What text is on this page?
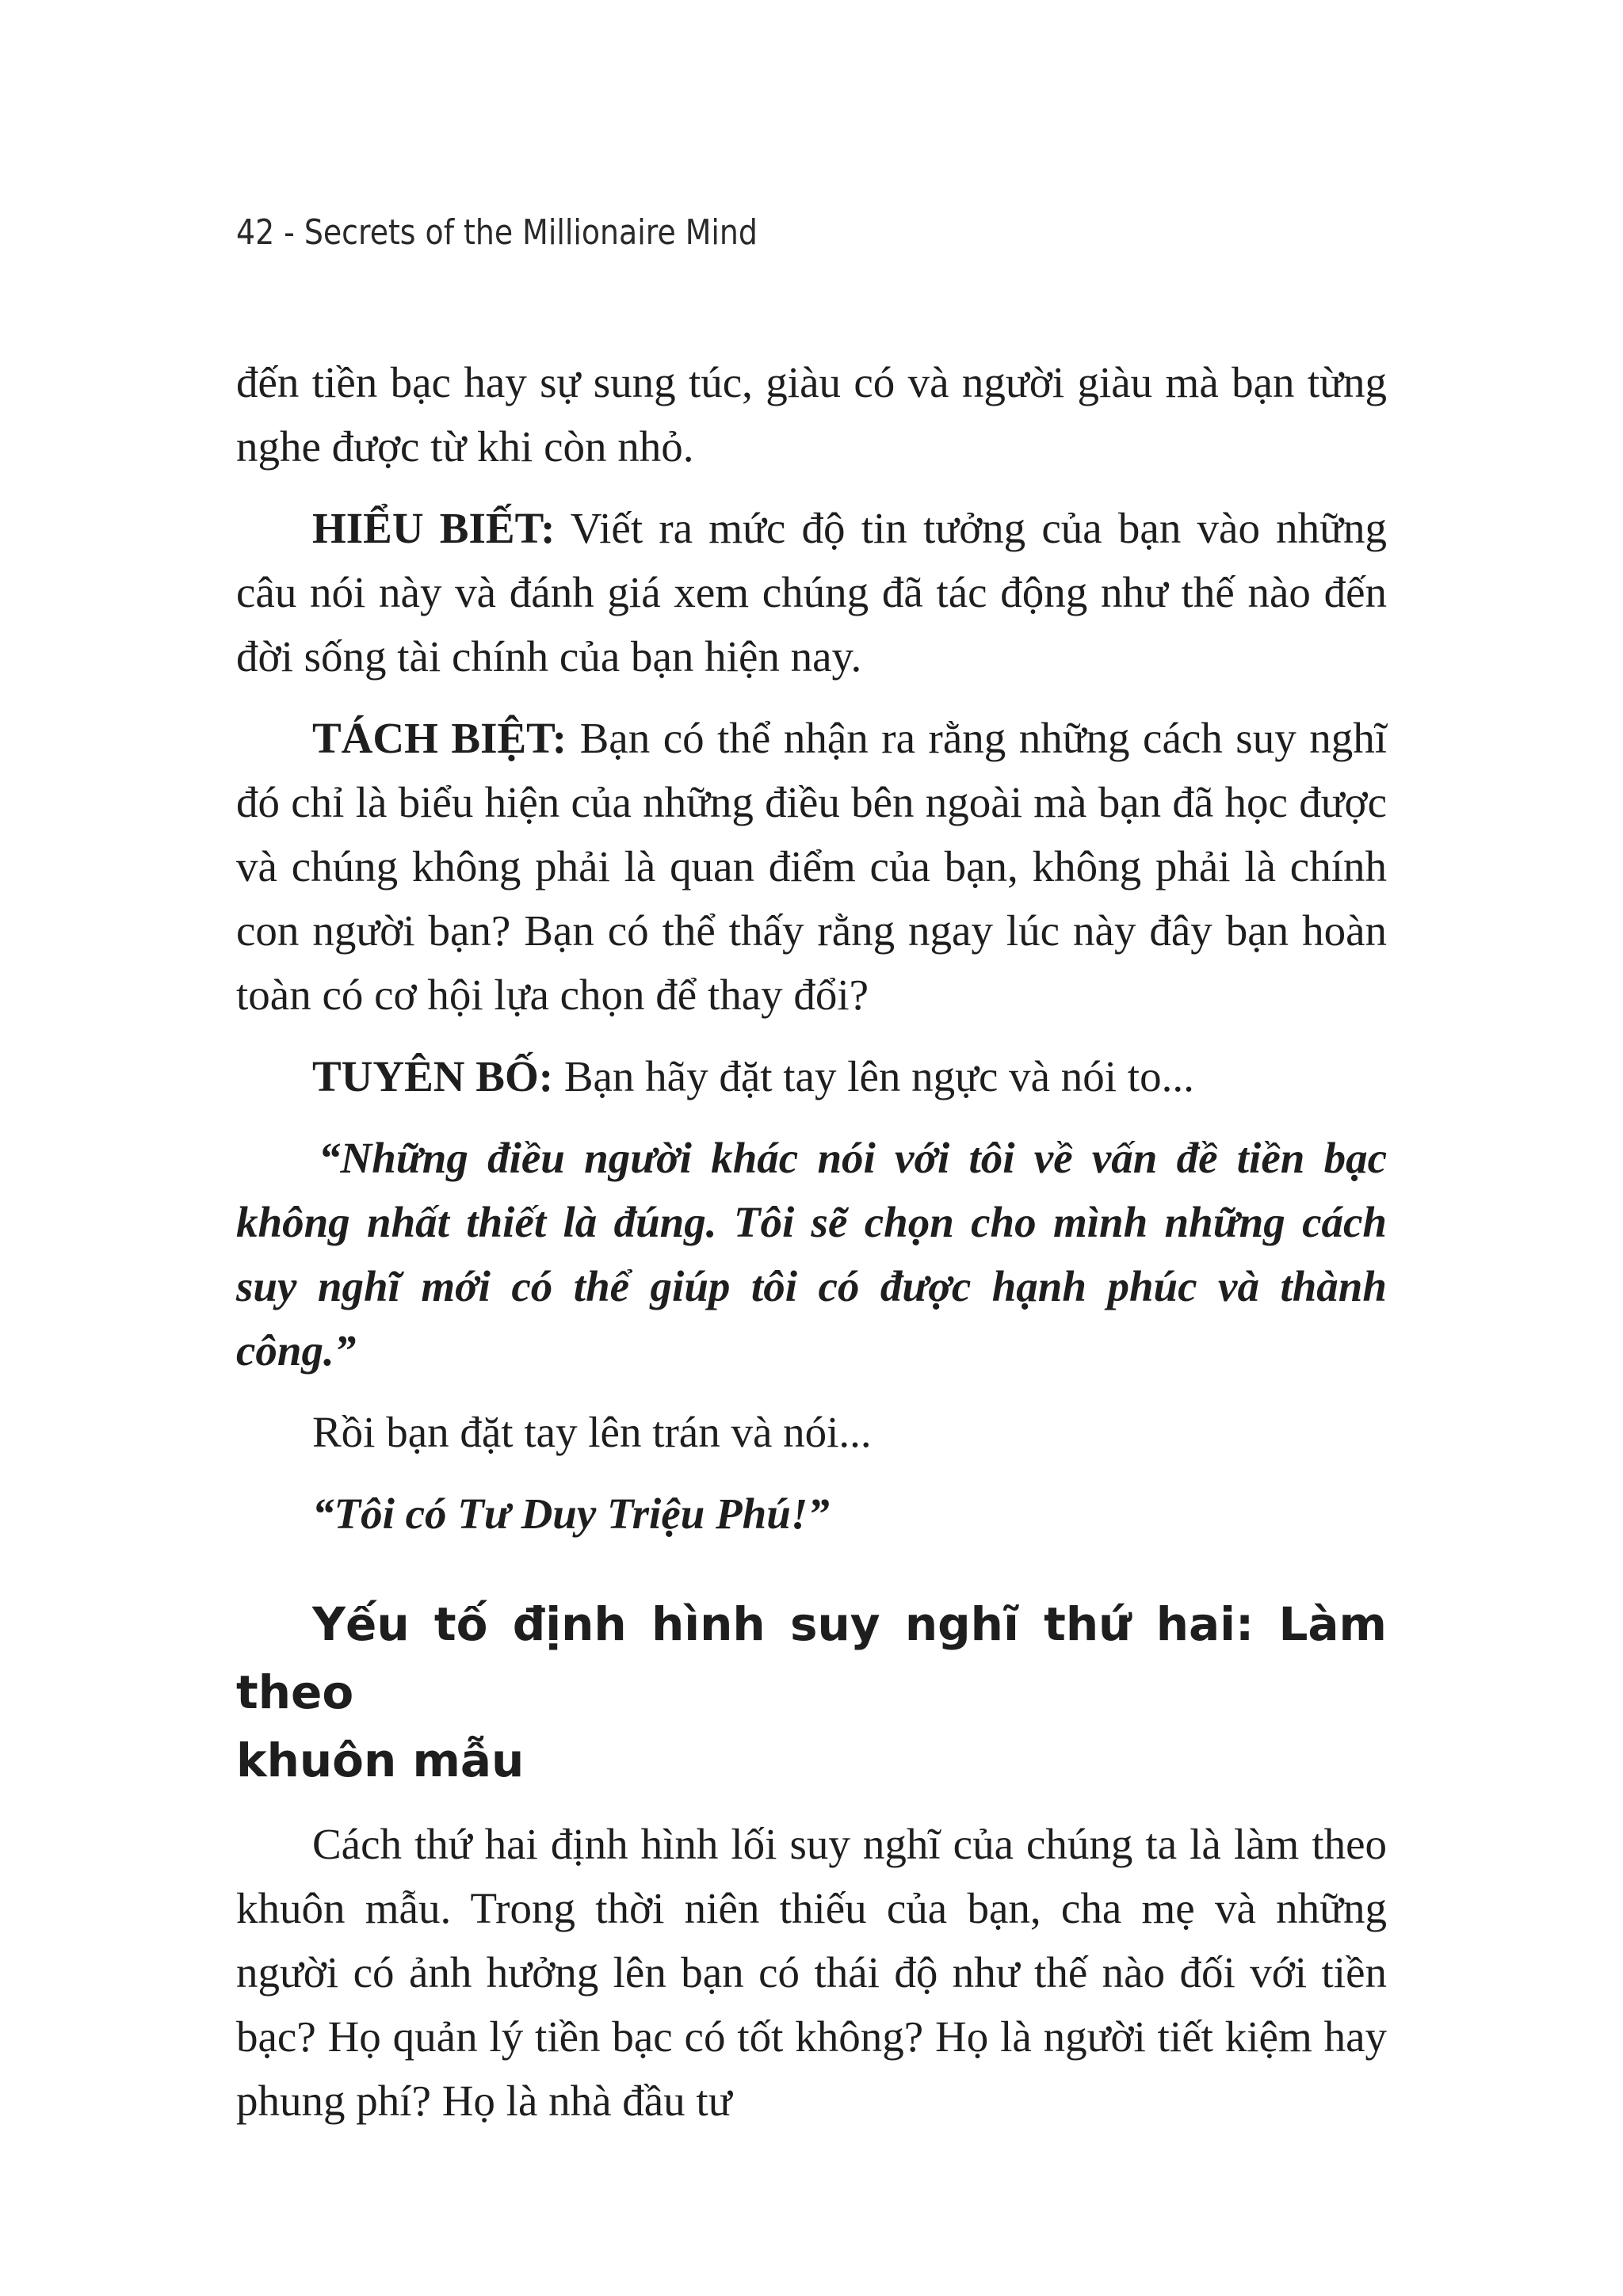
42 - Secrets of the Millionaire Mind

đến tiền bạc hay sự sung túc, giàu có và người giàu mà bạn từng nghe được từ khi còn nhỏ.

HIỂU BIẾT: Viết ra mức độ tin tưởng của bạn vào những câu nói này và đánh giá xem chúng đã tác động như thế nào đến đời sống tài chính của bạn hiện nay.

TÁCH BIỆT: Bạn có thể nhận ra rằng những cách suy nghĩ đó chỉ là biểu hiện của những điều bên ngoài mà bạn đã học được và chúng không phải là quan điểm của bạn, không phải là chính con người bạn? Bạn có thể thấy rằng ngay lúc này đây bạn hoàn toàn có cơ hội lựa chọn để thay đổi?

TUYÊN BỐ: Bạn hãy đặt tay lên ngực và nói to...

“Những điều người khác nói với tôi về vấn đề tiền bạc không nhất thiết là đúng. Tôi sẽ chọn cho mình những cách suy nghĩ mới có thể giúp tôi có được hạnh phúc và thành công.”

Rồi bạn đặt tay lên trán và nói...

“Tôi có Tư Duy Triệu Phú!”

Yếu tố định hình suy nghĩ thứ hai: Làm theo
khuôn mẫu

Cách thứ hai định hình lối suy nghĩ của chúng ta là làm theo khuôn mẫu. Trong thời niên thiếu của bạn, cha mẹ và những người có ảnh hưởng lên bạn có thái độ như thế nào đối với tiền bạc? Họ quản lý tiền bạc có tốt không? Họ là người tiết kiệm hay phung phí? Họ là nhà đầu tư
